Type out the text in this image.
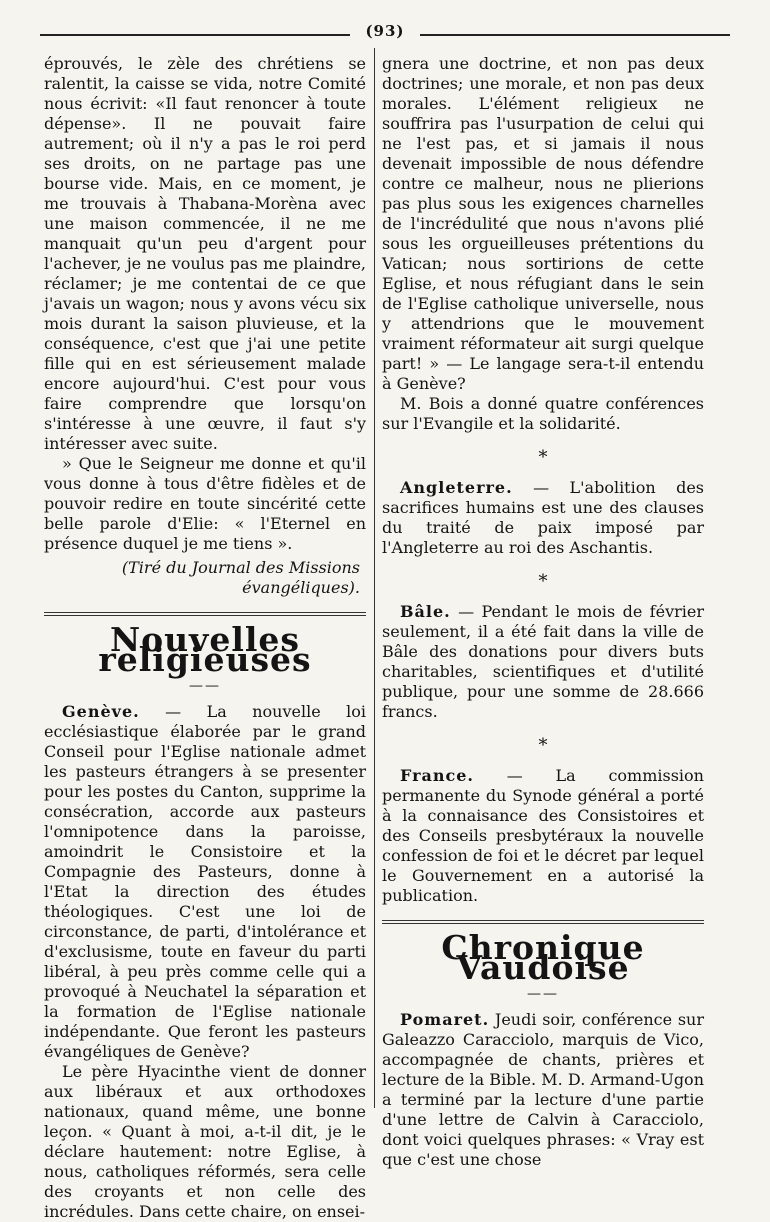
(93)

éprouvés, le zèle des chrétiens se ralentit, la caisse se vida, notre Comité nous écrivit: «Il faut renoncer à toute dépense». Il ne pouvait faire autrement; où il n'y a pas le roi perd ses droits, on ne partage pas une bourse vide. Mais, en ce moment, je me trouvais à Thabana-Morèna avec une maison commencée, il ne me manquait qu'un peu d'argent pour l'achever, je ne voulus pas me plaindre, réclamer; je me contentai de ce que j'avais un wagon; nous y avons vécu six mois durant la saison pluvieuse, et la conséquence, c'est que j'ai une petite fille qui en est sérieusement malade encore aujourd'hui. C'est pour vous faire comprendre que lorsqu'on s'intéresse à une œuvre, il faut s'y intéresser avec suite.

» Que le Seigneur me donne et qu'il vous donne à tous d'être fidèles et de pouvoir redire en toute sincérité cette belle parole d'Elie: « l'Eternel en présence duquel je me tiens ».

(Tiré du Journal des Missions évangéliques).

Nouvelles religieuses
——

Genève. — La nouvelle loi ecclésiastique élaborée par le grand Conseil pour l'Eglise nationale admet les pasteurs étrangers à se presenter pour les postes du Canton, supprime la consécration, accorde aux pasteurs l'omnipotence dans la paroisse, amoindrit le Consistoire et la Compagnie des Pasteurs, donne à l'Etat la direction des études théologiques. C'est une loi de circonstance, de parti, d'intolérance et d'exclusisme, toute en faveur du parti libéral, à peu près comme celle qui a provoqué à Neuchatel la séparation et la formation de l'Eglise nationale indépendante. Que feront les pasteurs évangéliques de Genève?

Le père Hyacinthe vient de donner aux libéraux et aux orthodoxes nationaux, quand même, une bonne leçon. « Quant à moi, a-t-il dit, je le déclare hautement: notre Eglise, à nous, catholiques réformés, sera celle des croyants et non celle des incrédules. Dans cette chaire, on ensei-

gnera une doctrine, et non pas deux doctrines; une morale, et non pas deux morales. L'élément religieux ne souffrira pas l'usurpation de celui qui ne l'est pas, et si jamais il nous devenait impossible de nous défendre contre ce malheur, nous ne plierions pas plus sous les exigences charnelles de l'incrédulité que nous n'avons plié sous les orgueilleuses prétentions du Vatican; nous sortirions de cette Eglise, et nous réfugiant dans le sein de l'Eglise catholique universelle, nous y attendrions que le mouvement vraiment réformateur ait surgi quelque part! » — Le langage sera-t-il entendu à Genève?

M. Bois a donné quatre conférences sur l'Evangile et la solidarité.

*

Angleterre. — L'abolition des sacrifices humains est une des clauses du traité de paix imposé par l'Angleterre au roi des Aschantis.

*

Bâle. — Pendant le mois de février seulement, il a été fait dans la ville de Bâle des donations pour divers buts charitables, scientifiques et d'utilité publique, pour une somme de 28.666 francs.

*

France. — La commission permanente du Synode général a porté à la connaisance des Consistoires et des Conseils presbytéraux la nouvelle confession de foi et le décret par lequel le Gouvernement en a autorisé la publication.

Chronique Vaudoise
——

Pomaret. Jeudi soir, conférence sur Galeazzo Caracciolo, marquis de Vico, accompagnée de chants, prières et lecture de la Bible. M. D. Armand-Ugon a terminé par la lecture d'une partie d'une lettre de Calvin à Caracciolo, dont voici quelques phrases: « Vray est que c'est une chose
